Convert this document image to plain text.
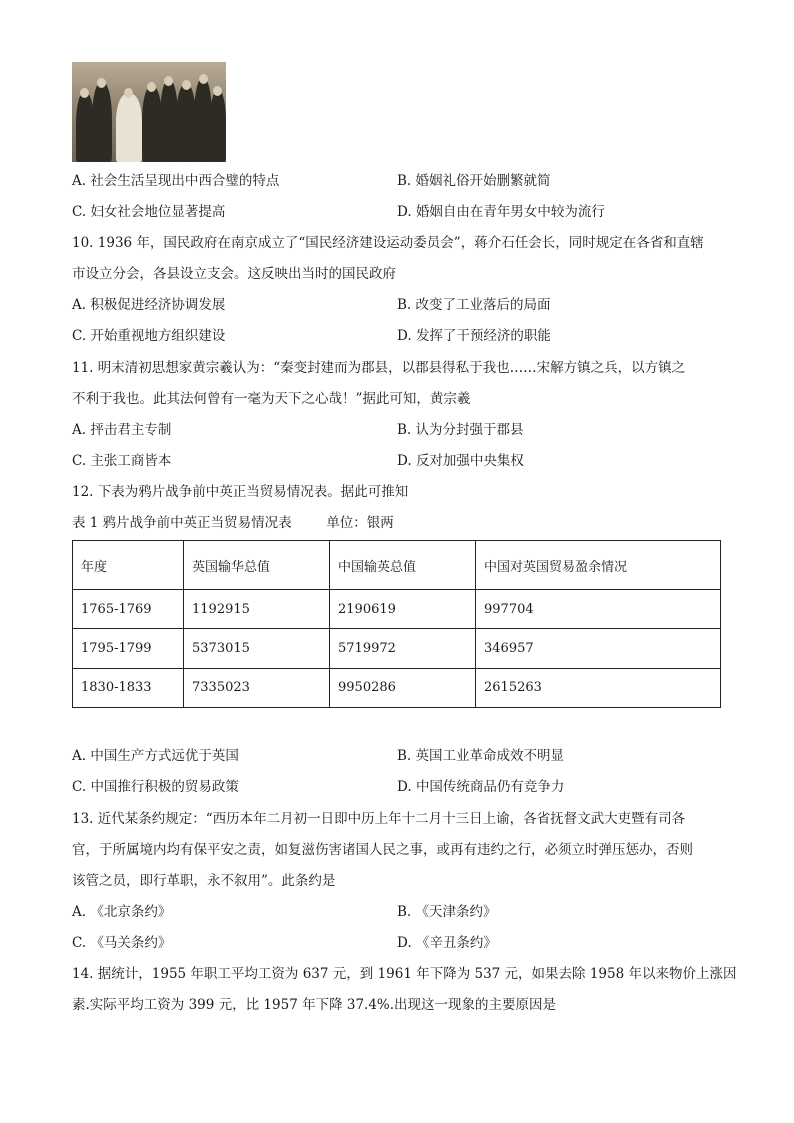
A. 社会生活呈现出中西合璧的特点	B. 婚姻礼俗开始删繁就简
C. 妇女社会地位显著提高	D. 婚姻自由在青年男女中较为流行
10. 1936 年，国民政府在南京成立了“国民经济建设运动委员会”，蒋介石任会长，同时规定在各省和直辖
市设立分会，各县设立支会。这反映出当时的国民政府
A. 积极促进经济协调发展	B. 改变了工业落后的局面
C. 开始重视地方组织建设	D. 发挥了干预经济的职能
11. 明末清初思想家黄宗羲认为：“秦变封建而为郡县，以郡县得私于我也……宋解方镇之兵，以方镇之
不利于我也。此其法何曾有一毫为天下之心哉！”据此可知，黄宗羲
A. 抨击君主专制	B. 认为分封强于郡县
C. 主张工商皆本	D. 反对加强中央集权
12. 下表为鸦片战争前中英正当贸易情况表。据此可推知
表 1 鸦片战争前中英正当贸易情况表	单位：银两
年度	英国输华总值	中国输英总值	中国对英国贸易盈余情况
1765-1769	1192915	2190619	997704
1795-1799	5373015	5719972	346957
1830-1833	7335023	9950286	2615263
A. 中国生产方式远优于英国	B. 英国工业革命成效不明显
C. 中国推行积极的贸易政策	D. 中国传统商品仍有竞争力
13. 近代某条约规定：“西历本年二月初一日即中历上年十二月十三日上谕，各省抚督文武大吏暨有司各
官，于所属境内均有保平安之责，如复滋伤害诸国人民之事，或再有违约之行，必须立时弹压惩办，否则
该管之员，即行革职，永不叙用”。此条约是
A. 《北京条约》	B. 《天津条约》
C. 《马关条约》	D. 《辛丑条约》
14. 据统计，1955 年职工平均工资为 637 元，到 1961 年下降为 537 元，如果去除 1958 年以来物价上涨因
素.实际平均工资为 399 元，比 1957 年下降 37.4%.出现这一现象的主要原因是
